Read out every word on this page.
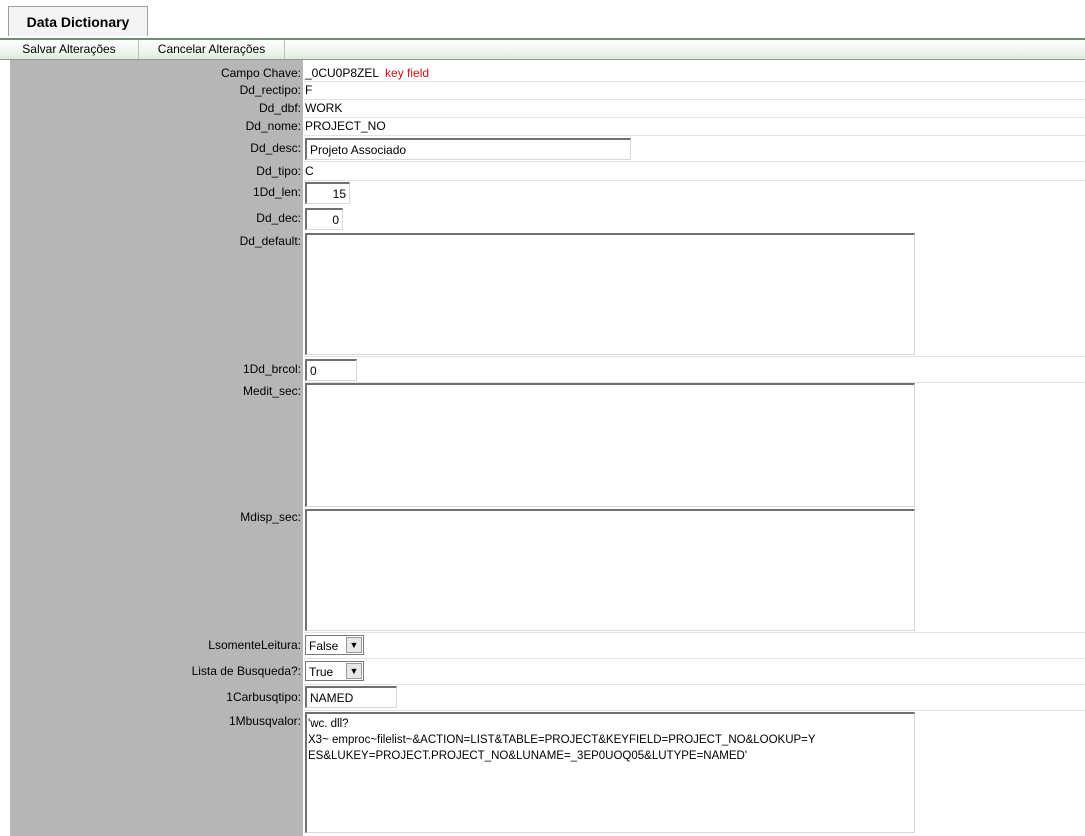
Data Dictionary
Salvar Alterações	Cancelar Alterações
Campo Chave: _0CU0P8ZEL key field
Dd_rectipo: F
Dd_dbf: WORK
Dd_nome: PROJECT_NO
Dd_desc: Projeto Associado
Dd_tipo: C
1Dd_len:	15
Dd_dec:	0
Dd_default:
1Dd_brcol: 0
Medit_sec:
Mdisp_sec:
LsomenteLeitura: False	▼
Lista de Busqueda?: True	▼
1Carbusqtipo: NAMED
1Mbusqvalor: 'wc. dll?
X3~ emproc~filelist~&ACTION=LIST&TABLE=PROJECT&KEYFIELD=PROJECT_NO&LOOKUP=Y
ES&LUKEY=PROJECT.PROJECT_NO&LUNAME=_3EP0UOQ05&LUTYPE=NAMED'
